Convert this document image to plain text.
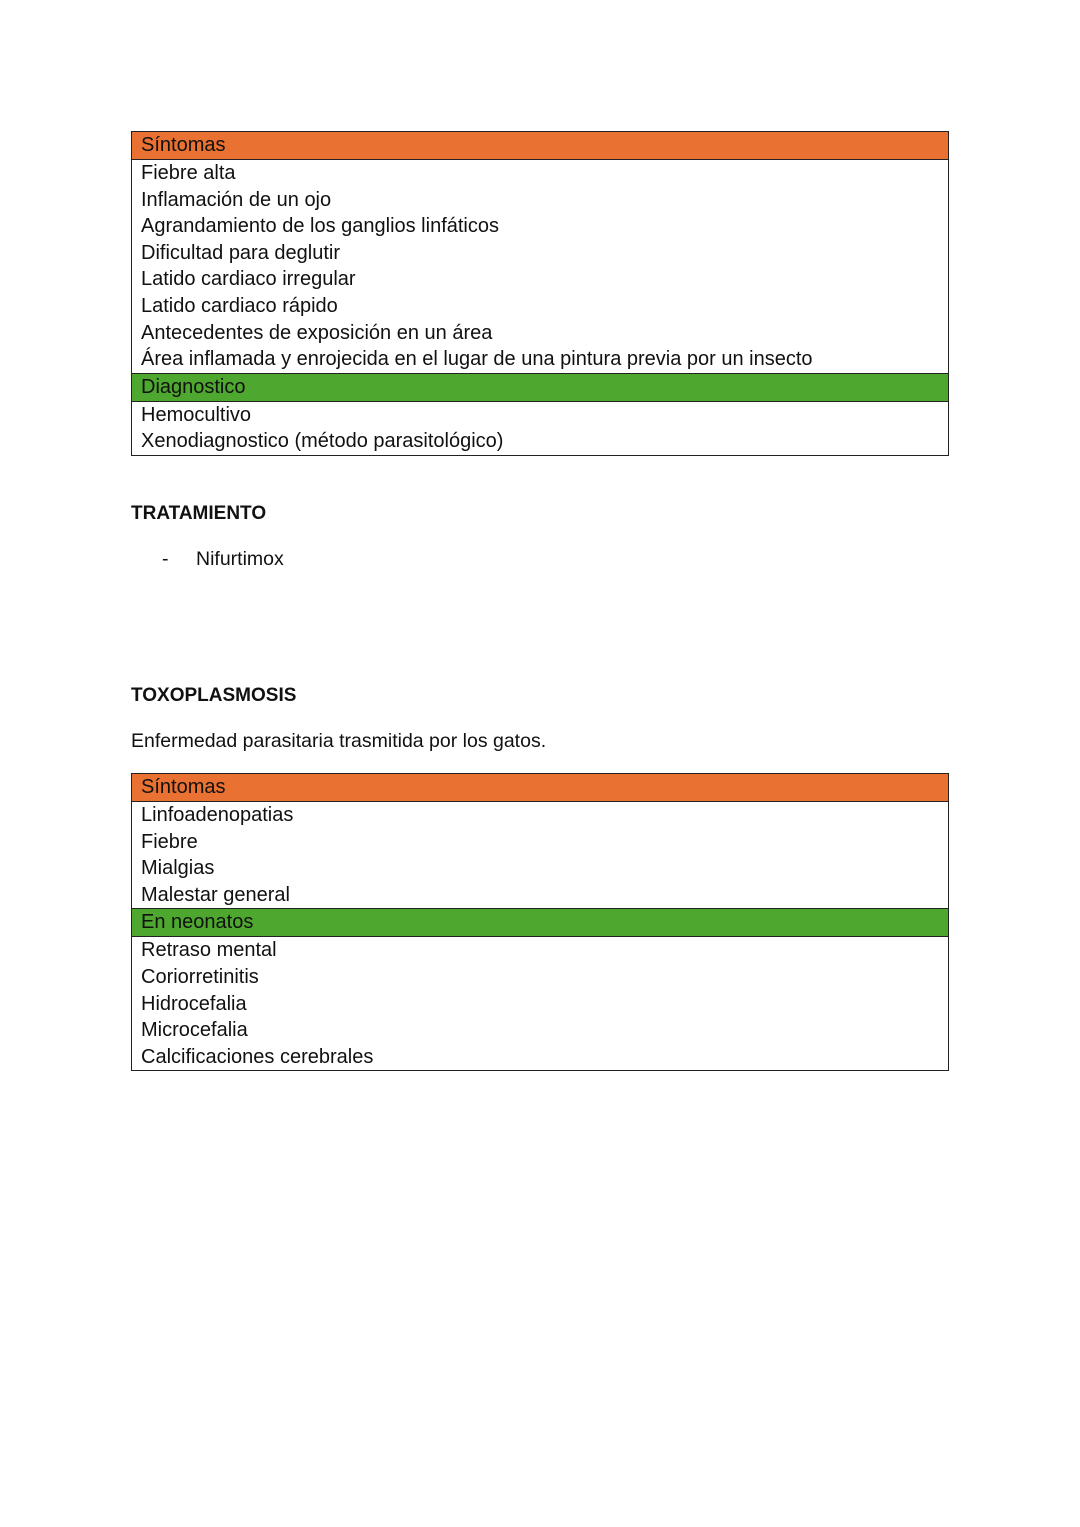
Síntomas
Fiebre alta
Inflamación de un ojo
Agrandamiento de los ganglios linfáticos
Dificultad para deglutir
Latido cardiaco irregular
Latido cardiaco rápido
Antecedentes de exposición en un área
Área inflamada y enrojecida en el lugar de una pintura previa por un insecto
Diagnostico
Hemocultivo
Xenodiagnostico (método parasitológico)
TRATAMIENTO
- Nifurtimox
TOXOPLASMOSIS
Enfermedad parasitaria trasmitida por los gatos.
Síntomas
Linfoadenopatias
Fiebre
Mialgias
Malestar general
En neonatos
Retraso mental
Coriorretinitis
Hidrocefalia
Microcefalia
Calcificaciones cerebrales
